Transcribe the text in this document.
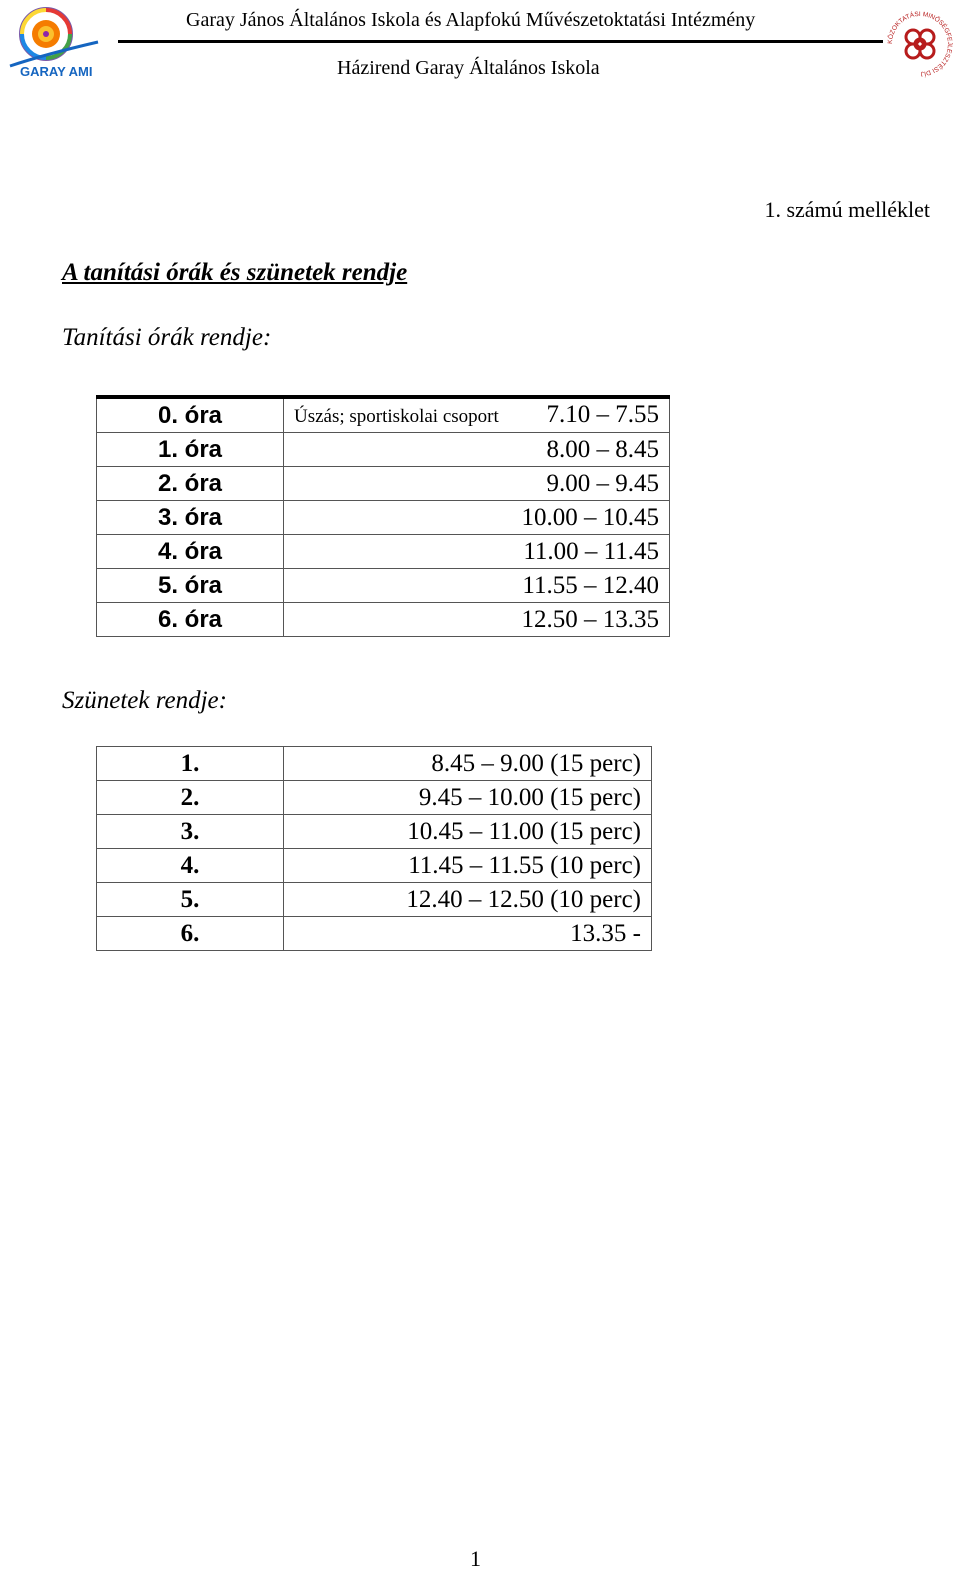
GARAY AMI
Garay János Általános Iskola és Alapfokú Művészetoktatási Intézmény
Házirend Garay Általános Iskola
KÖZOKTATÁSI MINŐSÉGFEJLESZTÉSI DÍJ
1. számú melléklet
A tanítási órák és szünetek rendje
Tanítási órák rendje:
0. óra	Úszás; sportiskolai csoport 7.10 – 7.55
1. óra	8.00 – 8.45
2. óra	9.00 – 9.45
3. óra	10.00 – 10.45
4. óra	11.00 – 11.45
5. óra	11.55 – 12.40
6. óra	12.50 – 13.35
Szünetek rendje:
1.	8.45 – 9.00 (15 perc)
2.	9.45 – 10.00 (15 perc)
3.	10.45 – 11.00 (15 perc)
4.	11.45 – 11.55 (10 perc)
5.	12.40 – 12.50 (10 perc)
6.	13.35 -
1
